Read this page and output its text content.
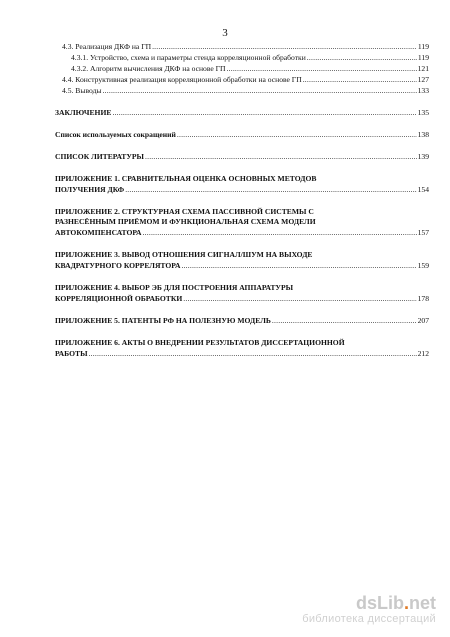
3
4.3. Реализация ДКФ на ГП .....	119
4.3.1. Устройство, схема и параметры стенда корреляционной обработки .....	119
4.3.2. Алгоритм вычисления ДКФ на основе ГП .....	121
4.4. Конструктивная реализация корреляционной обработки на основе ГП .....	127
4.5. Выводы .....	133
ЗАКЛЮЧЕНИЕ .....	135
Список используемых сокращений .....	138
СПИСОК ЛИТЕРАТУРЫ .....	139
ПРИЛОЖЕНИЕ 1. СРАВНИТЕЛЬНАЯ ОЦЕНКА ОСНОВНЫХ МЕТОДОВ
ПОЛУЧЕНИЯ ДКФ .....	154
ПРИЛОЖЕНИЕ 2. СТРУКТУРНАЯ СХЕМА ПАССИВНОЙ СИСТЕМЫ С
РАЗНЕСЁННЫМ ПРИЁМОМ И ФУНКЦИОНАЛЬНАЯ СХЕМА МОДЕЛИ
АВТОКОМПЕНСАТОРА .....	157
ПРИЛОЖЕНИЕ 3. ВЫВОД ОТНОШЕНИЯ СИГНАЛ/ШУМ НА ВЫХОДЕ
КВАДРАТУРНОГО КОРРЕЛЯТОРА .....	159
ПРИЛОЖЕНИЕ 4. ВЫБОР ЭБ ДЛЯ ПОСТРОЕНИЯ АППАРАТУРЫ
КОРРЕЛЯЦИОННОЙ ОБРАБОТКИ .....	178
ПРИЛОЖЕНИЕ 5. ПАТЕНТЫ РФ НА ПОЛЕЗНУЮ МОДЕЛЬ .....	207
ПРИЛОЖЕНИЕ 6. АКТЫ О ВНЕДРЕНИИ РЕЗУЛЬТАТОВ ДИССЕРТАЦИОННОЙ
РАБОТЫ .....	212
dsLib.net
библиотека диссертаций
